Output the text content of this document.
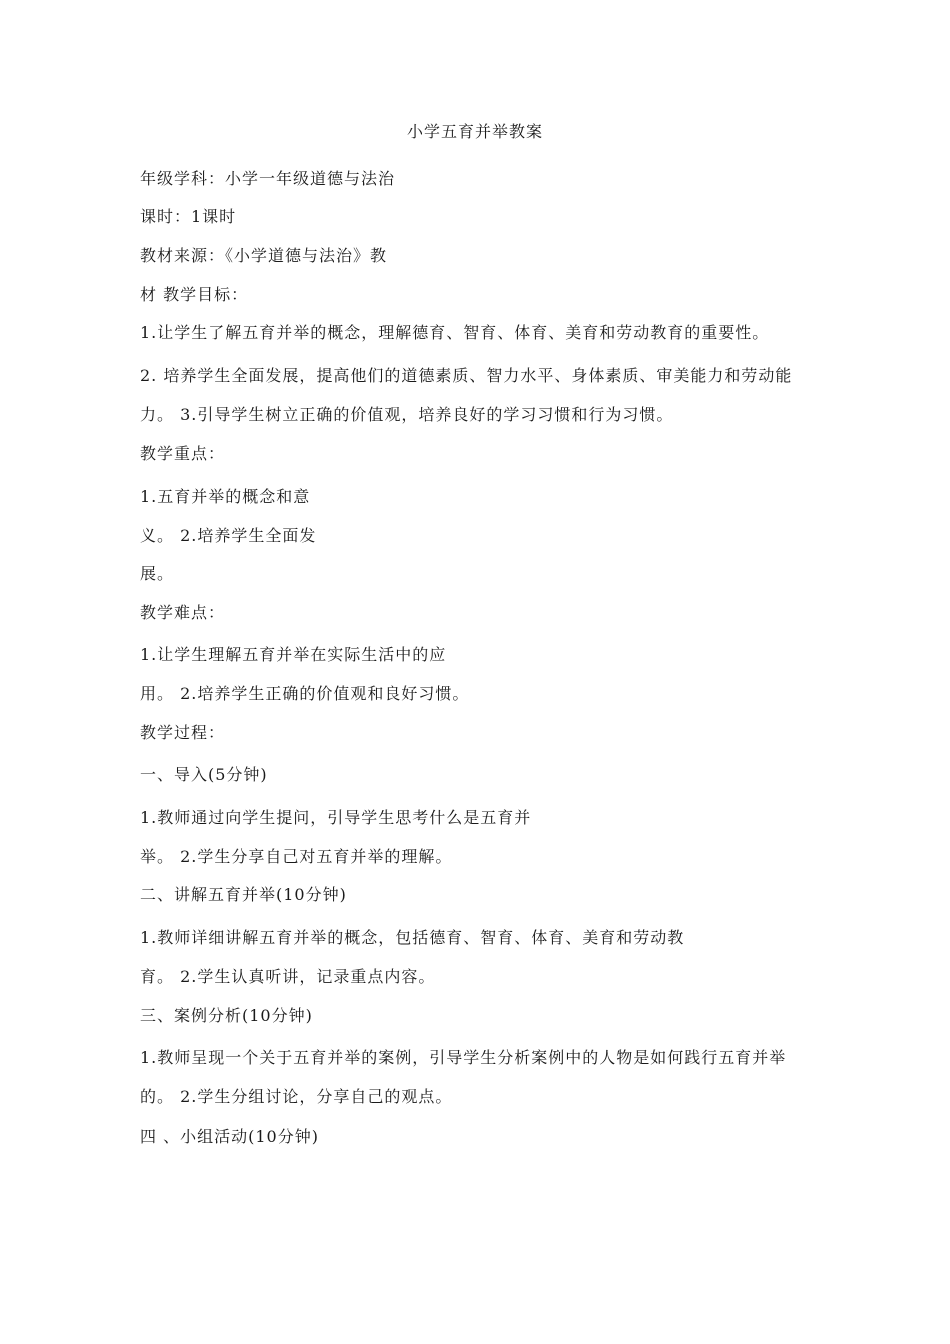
小学五育并举教案
年级学科：小学一年级道德与法治
课时：1课时
教材来源：《小学道德与法治》教
材 教学目标：
1.让学生了解五育并举的概念，理解德育、智育、体育、美育和劳动教育的重要性。
2. 培养学生全面发展，提高他们的道德素质、智力水平、身体素质、审美能力和劳动能
力。 3.引导学生树立正确的价值观，培养良好的学习习惯和行为习惯。
教学重点：
1.五育并举的概念和意
义。 2.培养学生全面发
展。
教学难点：
1.让学生理解五育并举在实际生活中的应
用。 2.培养学生正确的价值观和良好习惯。
教学过程：
一、导入(5分钟)
1.教师通过向学生提问，引导学生思考什么是五育并
举。 2.学生分享自己对五育并举的理解。
二、讲解五育并举(10分钟)
1.教师详细讲解五育并举的概念，包括德育、智育、体育、美育和劳动教
育。 2.学生认真听讲，记录重点内容。
三、案例分析(10分钟)
1.教师呈现一个关于五育并举的案例，引导学生分析案例中的人物是如何践行五育并举
的。 2.学生分组讨论，分享自己的观点。
四 、小组活动(10分钟)
